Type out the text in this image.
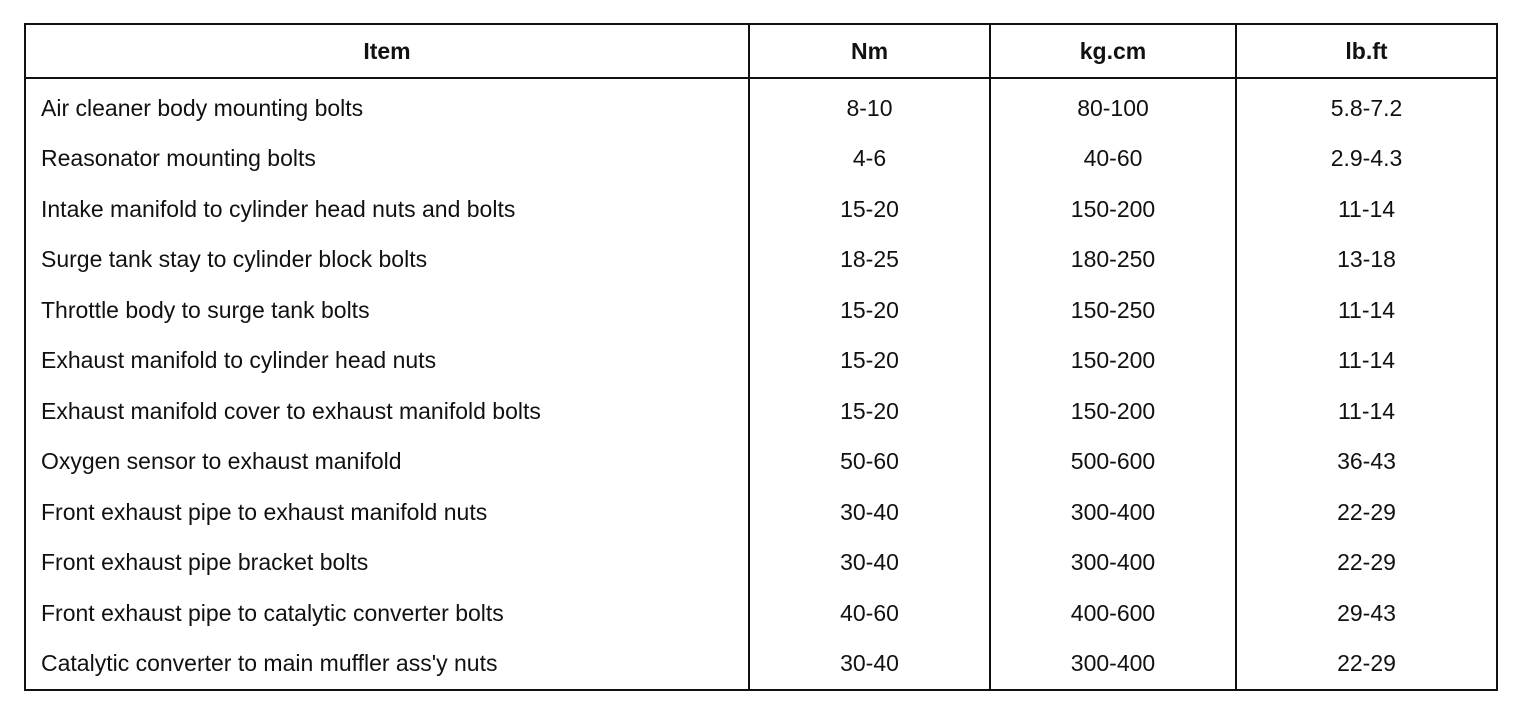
Item	Nm	kg.cm	lb.ft
Air cleaner body mounting bolts	8-10	80-100	5.8-7.2
Reasonator mounting bolts	4-6	40-60	2.9-4.3
Intake manifold to cylinder head nuts and bolts	15-20	150-200	11-14
Surge tank stay to cylinder block bolts	18-25	180-250	13-18
Throttle body to surge tank bolts	15-20	150-250	11-14
Exhaust manifold to cylinder head nuts	15-20	150-200	11-14
Exhaust manifold cover to exhaust manifold bolts	15-20	150-200	11-14
Oxygen sensor to exhaust manifold	50-60	500-600	36-43
Front exhaust pipe to exhaust manifold nuts	30-40	300-400	22-29
Front exhaust pipe bracket bolts	30-40	300-400	22-29
Front exhaust pipe to catalytic converter bolts	40-60	400-600	29-43
Catalytic converter to main muffler ass'y nuts	30-40	300-400	22-29
